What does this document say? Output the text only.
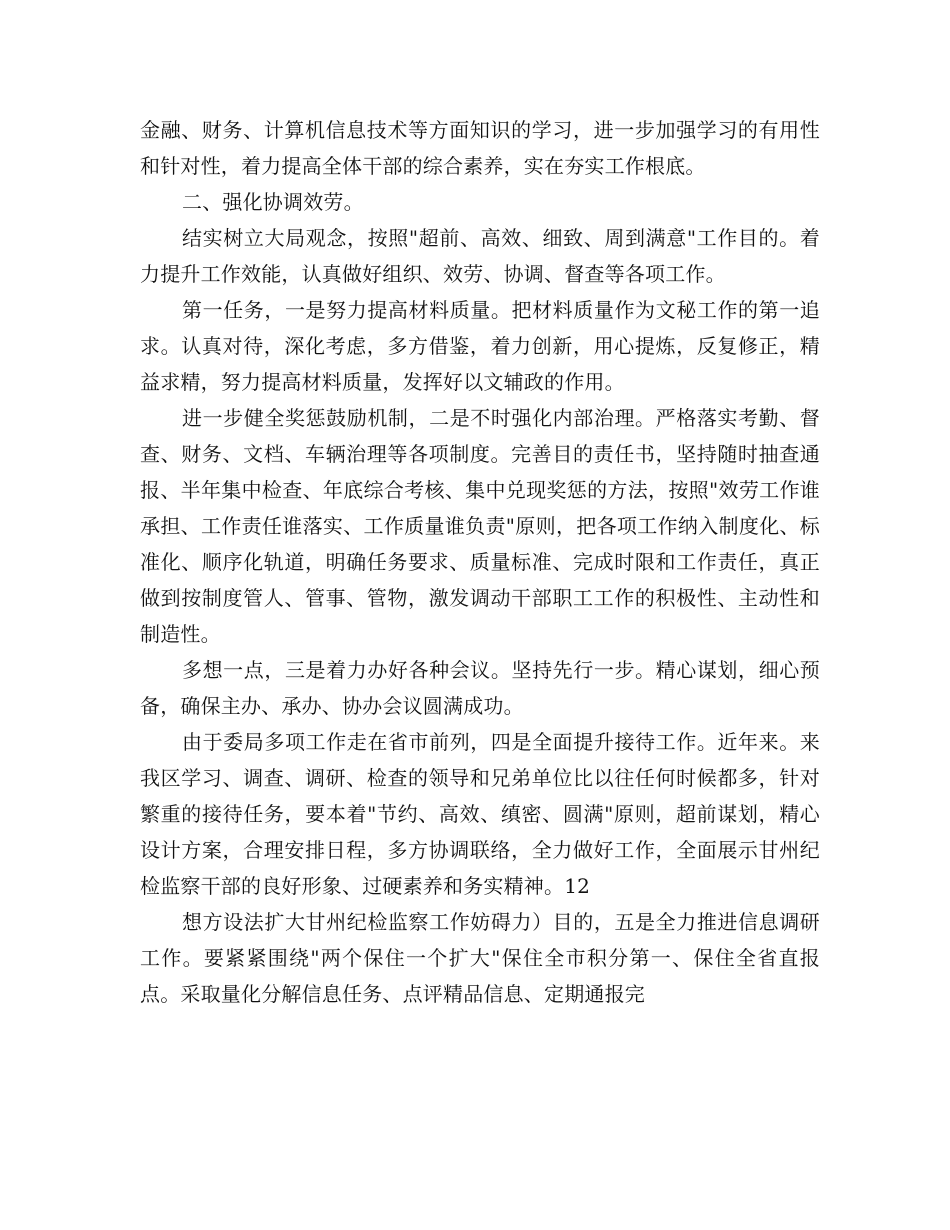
金融、财务、计算机信息技术等方面知识的学习，进一步加强学习的有用性和针对性，着力提高全体干部的综合素养，实在夯实工作根底。

二、强化协调效劳。

结实树立大局观念，按照"超前、高效、细致、周到满意"工作目的。着力提升工作效能，认真做好组织、效劳、协调、督查等各项工作。

第一任务，一是努力提高材料质量。把材料质量作为文秘工作的第一追求。认真对待，深化考虑，多方借鉴，着力创新，用心提炼，反复修正，精益求精，努力提高材料质量，发挥好以文辅政的作用。

进一步健全奖惩鼓励机制，二是不时强化内部治理。严格落实考勤、督查、财务、文档、车辆治理等各项制度。完善目的责任书，坚持随时抽查通报、半年集中检查、年底综合考核、集中兑现奖惩的方法，按照"效劳工作谁承担、工作责任谁落实、工作质量谁负责"原则，把各项工作纳入制度化、标准化、顺序化轨道，明确任务要求、质量标准、完成时限和工作责任，真正做到按制度管人、管事、管物，激发调动干部职工工作的积极性、主动性和制造性。

多想一点，三是着力办好各种会议。坚持先行一步。精心谋划，细心预备，确保主办、承办、协办会议圆满成功。

由于委局多项工作走在省市前列，四是全面提升接待工作。近年来。来我区学习、调查、调研、检查的领导和兄弟单位比以往任何时候都多，针对繁重的接待任务，要本着"节约、高效、缜密、圆满"原则，超前谋划，精心设计方案，合理安排日程，多方协调联络，全力做好工作，全面展示甘州纪检监察干部的良好形象、过硬素养和务实精神。12

想方设法扩大甘州纪检监察工作妨碍力）目的，五是全力推进信息调研工作。要紧紧围绕"两个保住一个扩大"保住全市积分第一、保住全省直报点。采取量化分解信息任务、点评精品信息、定期通报完
